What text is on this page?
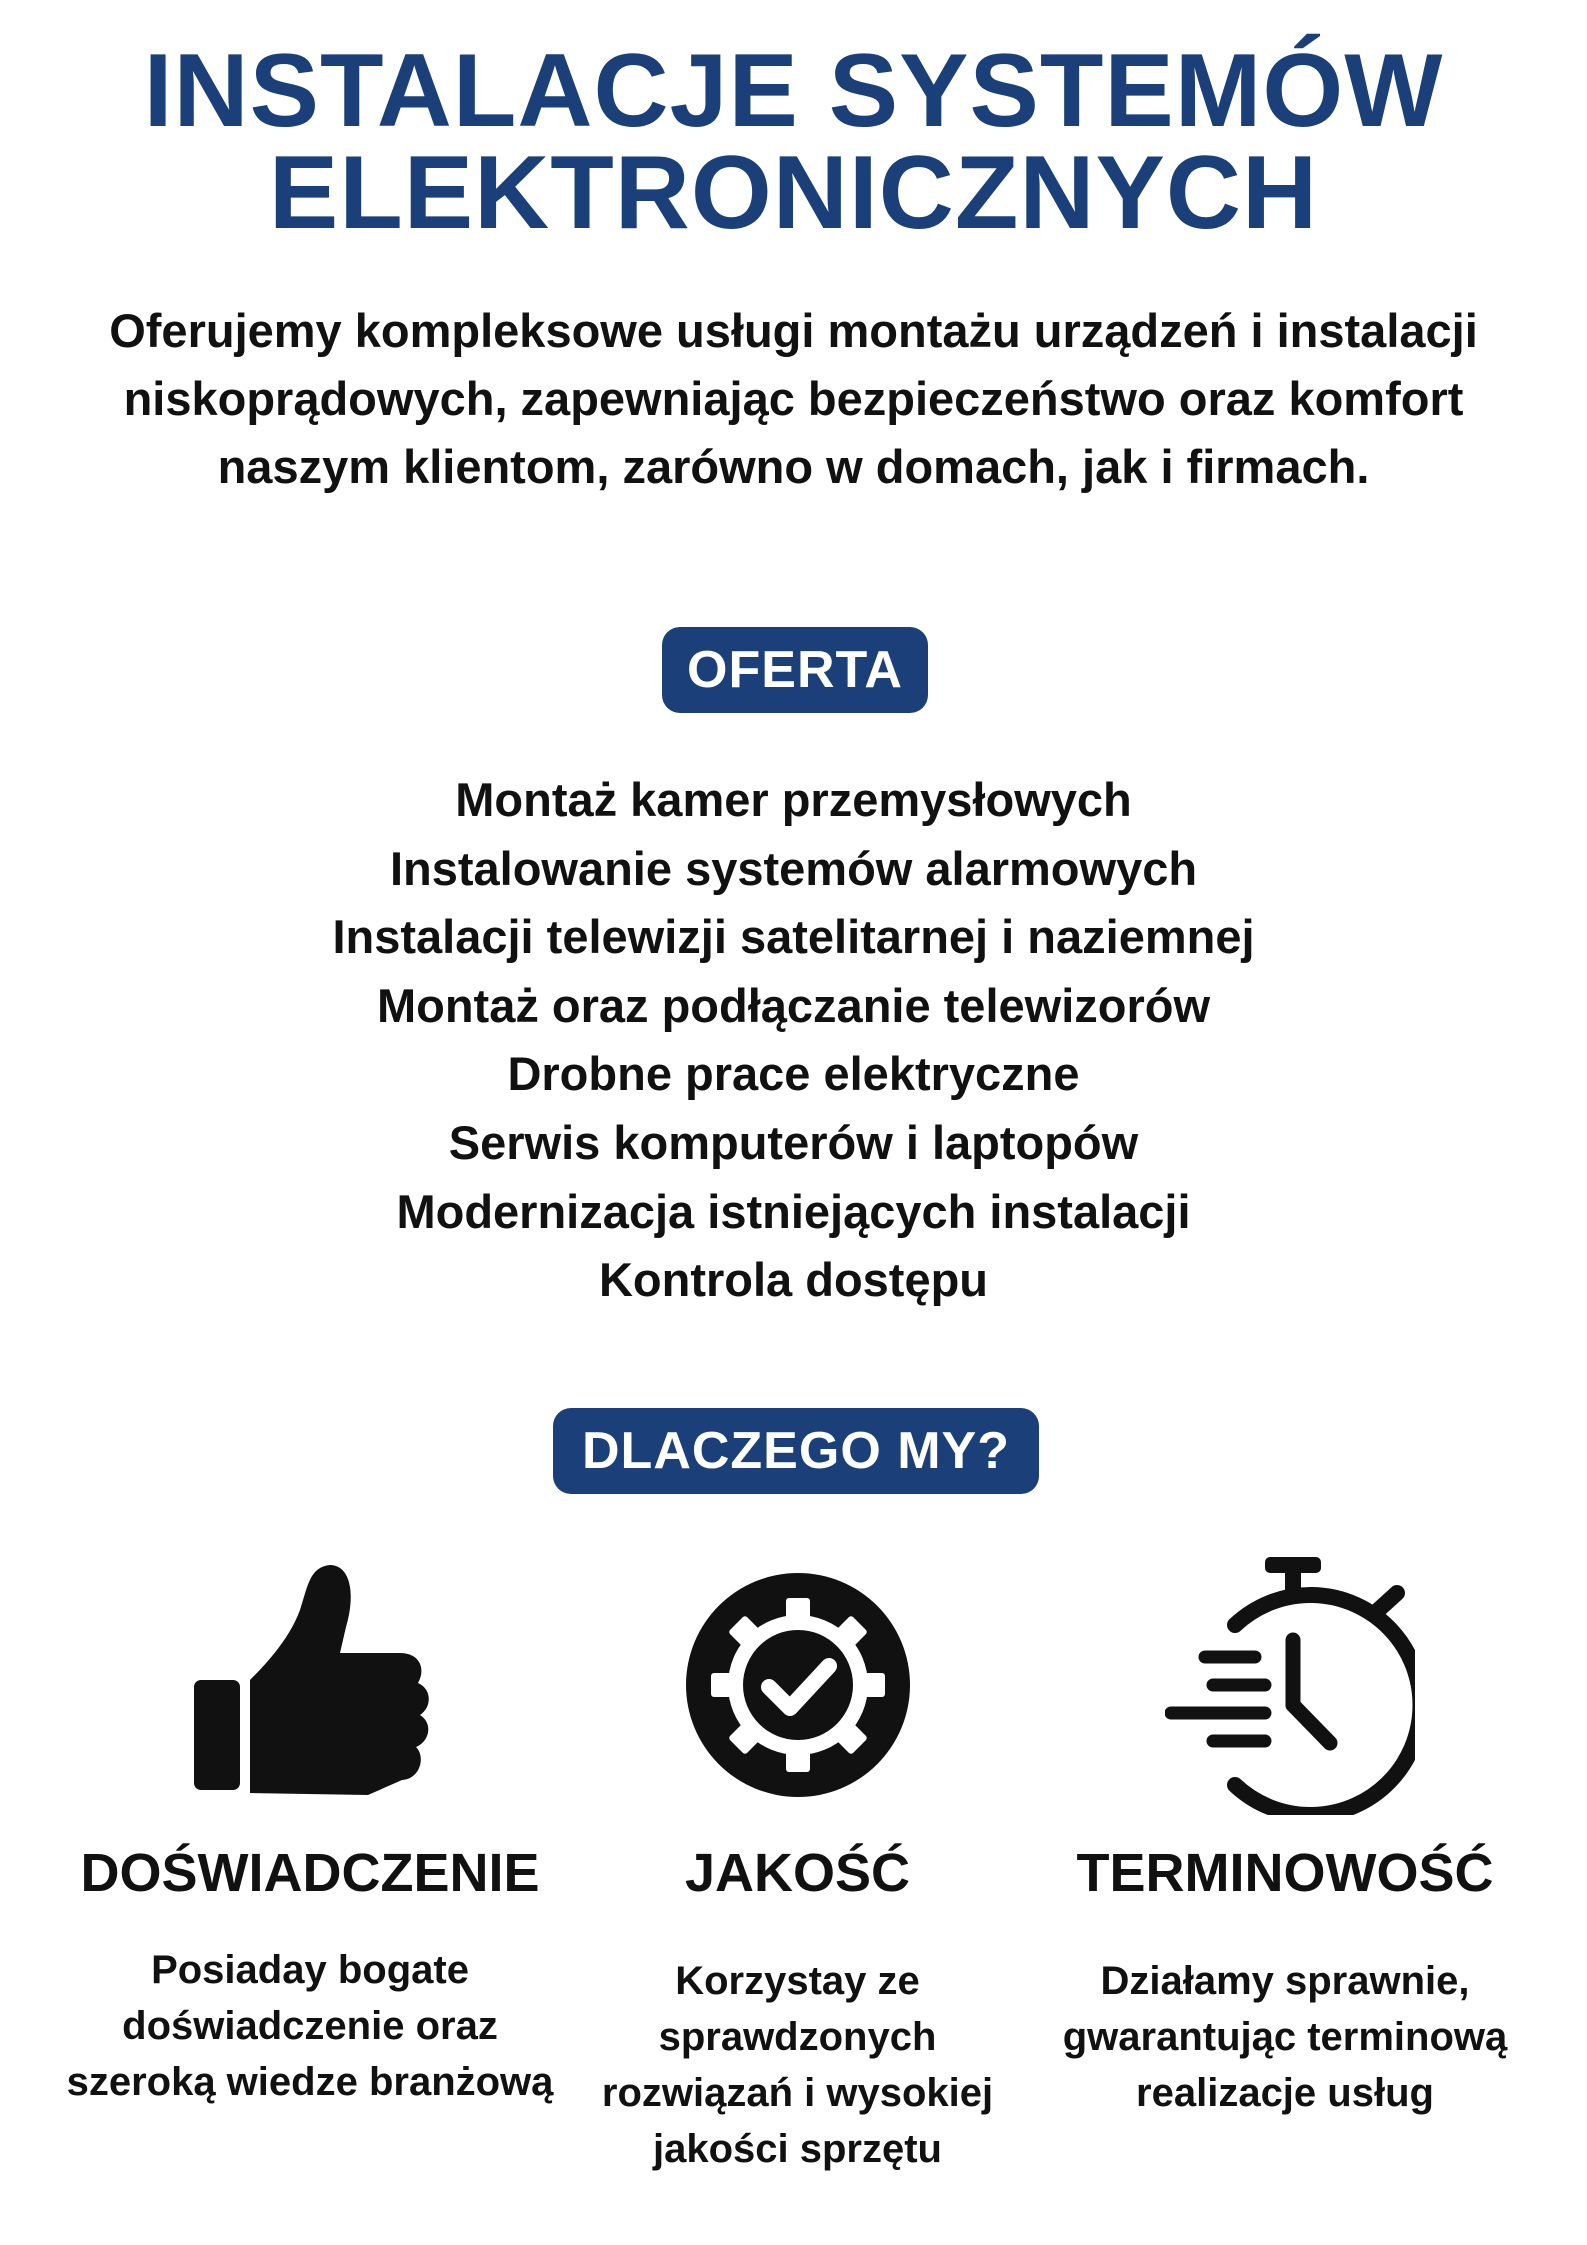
INSTALACJE SYSTEMÓW
ELEKTRONICZNYCH
Oferujemy kompleksowe usługi montażu urządzeń i instalacji niskoprądowych, zapewniając bezpieczeństwo oraz komfort naszym klientom, zarówno w domach, jak i firmach.
OFERTA
Montaż kamer przemysłowych
Instalowanie systemów alarmowych
Instalacji telewizji satelitarnej i naziemnej
Montaż oraz podłączanie telewizorów
Drobne prace elektryczne
Serwis komputerów i laptopów
Modernizacja istniejących instalacji
Kontrola dostępu
DLACZEGO MY?
DOŚWIADCZENIE	JAKOŚĆ	TERMINOWOŚĆ
Posiaday bogate doświadczenie oraz szeroką wiedze branżową
Korzystay ze sprawdzonych rozwiązań i wysokiej jakości sprzętu
Działamy sprawnie, gwarantując terminową realizacje usług
